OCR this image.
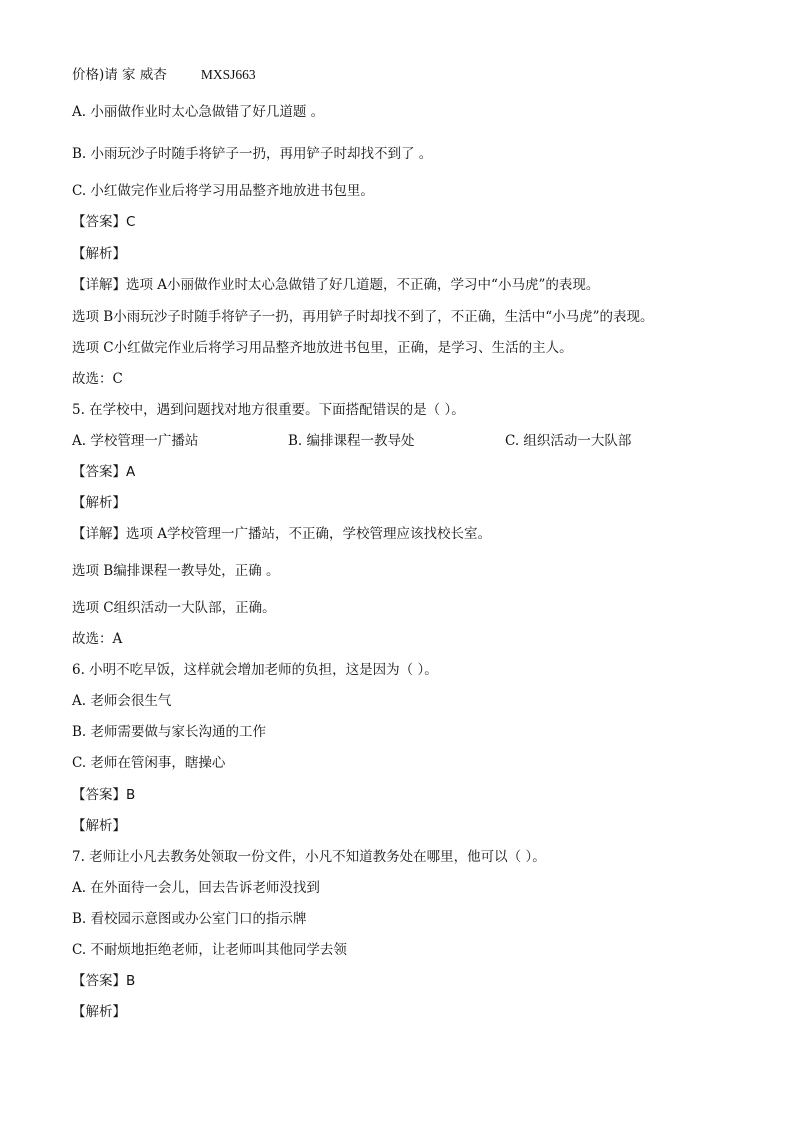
价格)请 家 威杏	MXSJ663
A. 小丽做作业时太心急做错了好几道题 。
B. 小雨玩沙子时随手将铲子一扔，再用铲子时却找不到了 。
C. 小红做完作业后将学习用品整齐地放进书包里。
【答案】C
【解析】
【详解】选项 A小丽做作业时太心急做错了好几道题，不正确，学习中“小马虎”的表现。
选项 B小雨玩沙子时随手将铲子一扔，再用铲子时却找不到了，不正确，生活中“小马虎”的表现。
选项 C小红做完作业后将学习用品整齐地放进书包里，正确，是学习、生活的主人。
故选：C
5. 在学校中，遇到问题找对地方很重要。下面搭配错误的是（ ）。
A. 学校管理一广播站	B. 编排课程一教导处	C. 组织活动一大队部
【答案】A
【解析】
【详解】选项 A学校管理一广播站，不正确，学校管理应该找校长室。
选项 B编排课程一教导处，正确 。
选项 C组织活动一大队部，正确。
故选：A
6. 小明不吃早饭，这样就会增加老师的负担，这是因为（ ）。
A. 老师会很生气
B. 老师需要做与家长沟通的工作
C. 老师在管闲事，瞎操心
【答案】B
【解析】
7. 老师让小凡去教务处领取一份文件，小凡不知道教务处在哪里，他可以（ ）。
A. 在外面待一会儿，回去告诉老师没找到
B. 看校园示意图或办公室门口的指示牌
C. 不耐烦地拒绝老师，让老师叫其他同学去领
【答案】B
【解析】
